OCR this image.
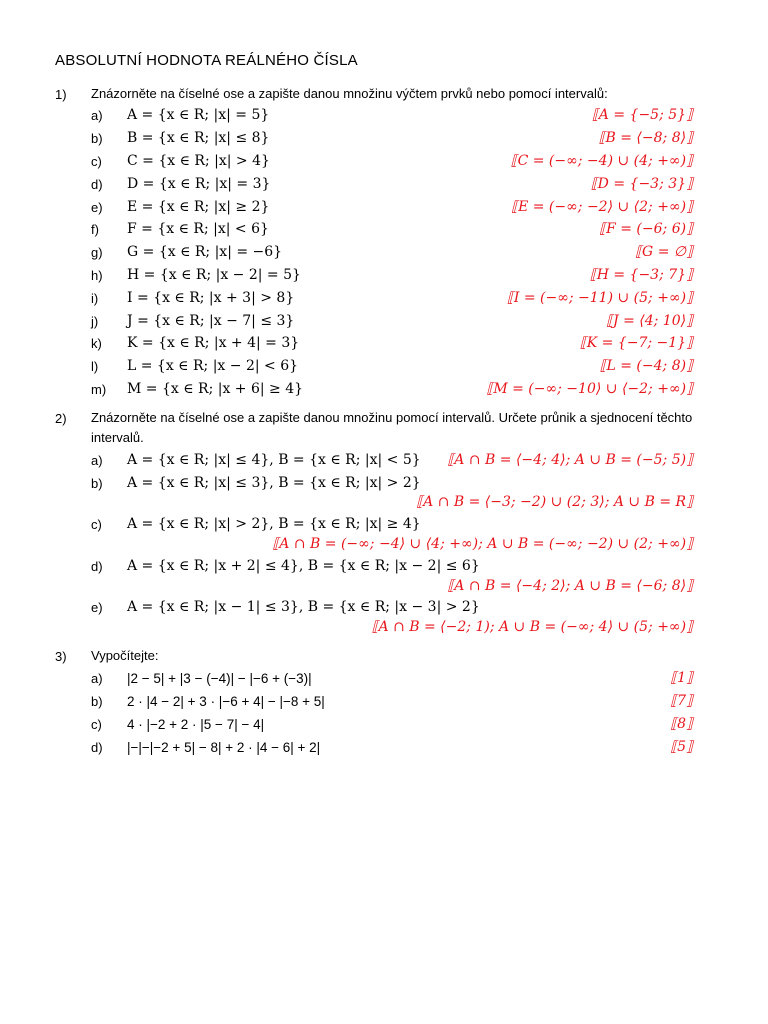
ABSOLUTNÍ HODNOTA REÁLNÉHO ČÍSLA
1) Znázorněte na číselné ose a zapište danou množinu výčtem prvků nebo pomocí intervalů:
a) A = {x ∈ R; |x| = 5}	⟦A = {−5; 5}⟧
b) B = {x ∈ R; |x| ≤ 8}	⟦B = ⟨−8; 8⟩⟧
c) C = {x ∈ R; |x| > 4}	⟦C = (−∞; −4) ∪ (4; +∞)⟧
d) D = {x ∈ R; |x| = 3}	⟦D = {−3; 3}⟧
e) E = {x ∈ R; |x| ≥ 2}	⟦E = (−∞; −2⟩ ∪ ⟨2; +∞)⟧
f) F = {x ∈ R; |x| < 6}	⟦F = (−6; 6)⟧
g) G = {x ∈ R; |x| = −6}	⟦G = ∅⟧
h) H = {x ∈ R; |x − 2| = 5}	⟦H = {−3; 7}⟧
i) I = {x ∈ R; |x + 3| > 8}	⟦I = (−∞; −11) ∪ (5; +∞)⟧
j) J = {x ∈ R; |x − 7| ≤ 3}	⟦J = ⟨4; 10⟩⟧
k) K = {x ∈ R; |x + 4| = 3}	⟦K = {−7; −1}⟧
l) L = {x ∈ R; |x − 2| < 6}	⟦L = (−4; 8)⟧
m) M = {x ∈ R; |x + 6| ≥ 4}	⟦M = (−∞; −10⟩ ∪ ⟨−2; +∞)⟧
2) Znázorněte na číselné ose a zapište danou množinu pomocí intervalů. Určete průnik a sjednocení těchto intervalů.
a) A = {x ∈ R; |x| ≤ 4}, B = {x ∈ R; |x| < 5} ⟦A ∩ B = ⟨−4; 4⟩; A ∪ B = (−5; 5)⟧
b) A = {x ∈ R; |x| ≤ 3}, B = {x ∈ R; |x| > 2}
⟦A ∩ B = ⟨−3; −2) ∪ (2; 3⟩; A ∪ B = R⟧
c) A = {x ∈ R; |x| > 2}, B = {x ∈ R; |x| ≥ 4}
⟦A ∩ B = (−∞; −4⟩ ∪ ⟨4; +∞); A ∪ B = (−∞; −2) ∪ (2; +∞)⟧
d) A = {x ∈ R; |x + 2| ≤ 4}, B = {x ∈ R; |x − 2| ≤ 6}
⟦A ∩ B = ⟨−4; 2⟩; A ∪ B = ⟨−6; 8⟩⟧
e) A = {x ∈ R; |x − 1| ≤ 3}, B = {x ∈ R; |x − 3| > 2}
⟦A ∩ B = ⟨−2; 1); A ∪ B = (−∞; 4⟩ ∪ (5; +∞)⟧
3) Vypočítejte:
a) |2 − 5| + |3 − (−4)| − |−6 + (−3)|	⟦1⟧
b) 2 · |4 − 2| + 3 · |−6 + 4| − |−8 + 5|	⟦7⟧
c) 4 · |−2 + 2 · |5 − 7| − 4|	⟦8⟧
d) |−|−|−2 + 5| − 8| + 2 · |4 − 6| + 2|	⟦5⟧
